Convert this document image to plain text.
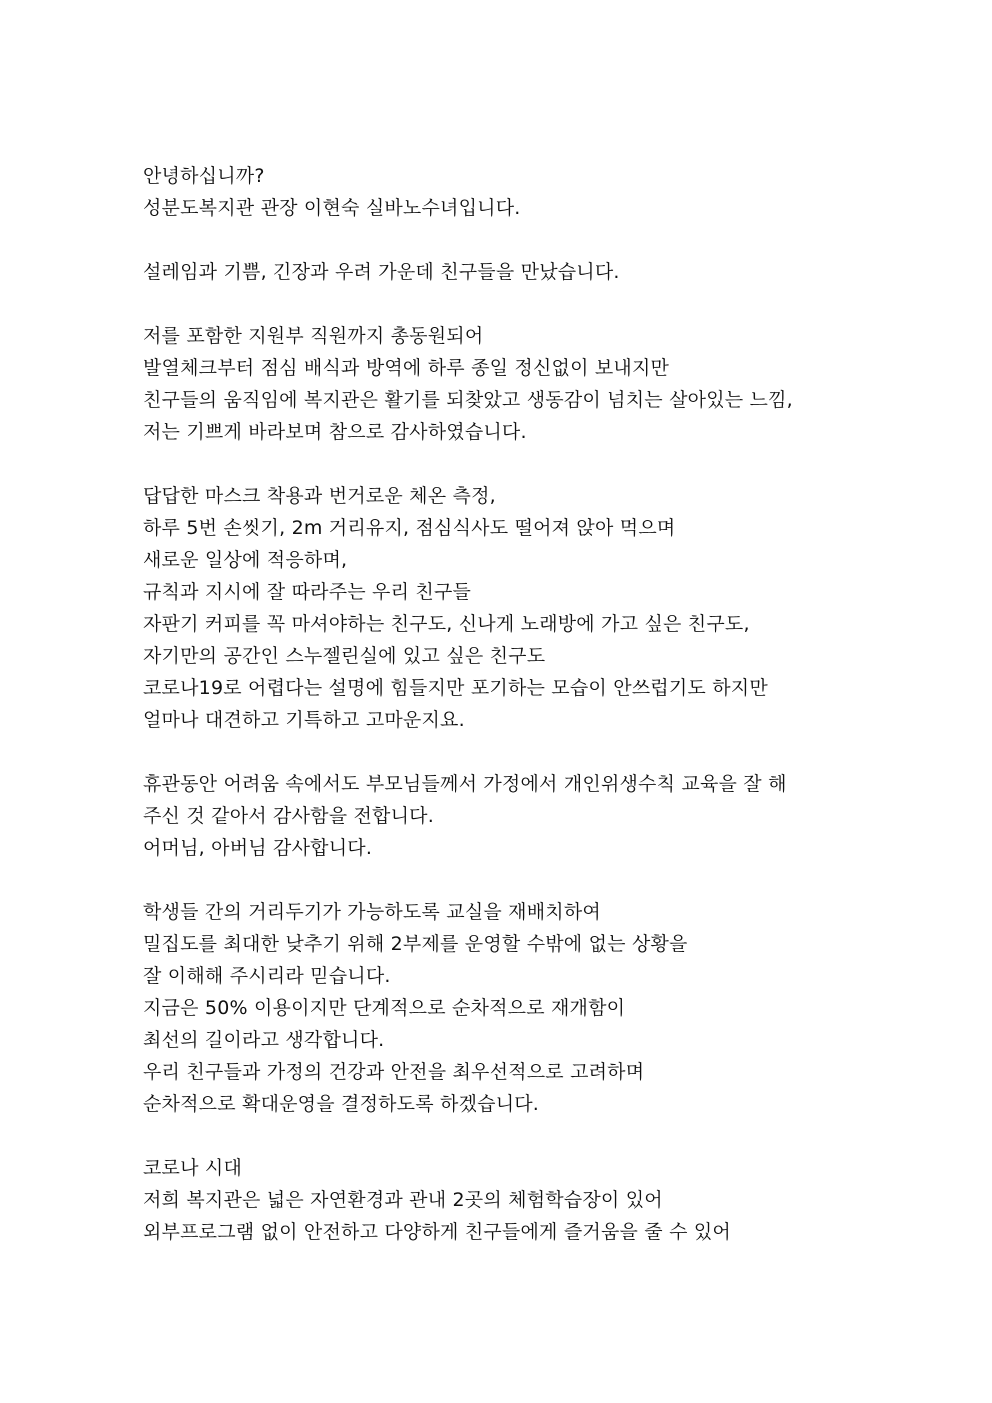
안녕하십니까?
성분도복지관 관장 이현숙 실바노수녀입니다.
설레임과 기쁨, 긴장과 우려 가운데 친구들을 만났습니다.
저를 포함한 지원부 직원까지 총동원되어
발열체크부터 점심 배식과 방역에 하루 종일 정신없이 보내지만
친구들의 움직임에 복지관은 활기를 되찾았고 생동감이 넘치는 살아있는 느낌,
저는 기쁘게 바라보며 참으로 감사하였습니다.
답답한 마스크 착용과 번거로운 체온 측정,
하루 5번 손씻기, 2m 거리유지, 점심식사도 떨어져 앉아 먹으며
새로운 일상에 적응하며,
규칙과 지시에 잘 따라주는 우리 친구들
자판기 커피를 꼭 마셔야하는 친구도, 신나게 노래방에 가고 싶은 친구도,
자기만의 공간인 스누젤린실에 있고 싶은 친구도
코로나19로 어렵다는 설명에 힘들지만 포기하는 모습이 안쓰럽기도 하지만
얼마나 대견하고 기특하고 고마운지요.
휴관동안 어려움 속에서도 부모님들께서 가정에서 개인위생수칙 교육을 잘 해
주신 것 같아서 감사함을 전합니다.
어머님, 아버님 감사합니다.
학생들 간의 거리두기가 가능하도록 교실을 재배치하여
밀집도를 최대한 낮추기 위해 2부제를 운영할 수밖에 없는 상황을
잘 이해해 주시리라 믿습니다.
지금은 50% 이용이지만 단계적으로 순차적으로 재개함이
최선의 길이라고 생각합니다.
우리 친구들과 가정의 건강과 안전을 최우선적으로 고려하며
순차적으로 확대운영을 결정하도록 하겠습니다.
코로나 시대
저희 복지관은 넓은 자연환경과 관내 2곳의 체험학습장이 있어
외부프로그램 없이 안전하고 다양하게 친구들에게 즐거움을 줄 수 있어
